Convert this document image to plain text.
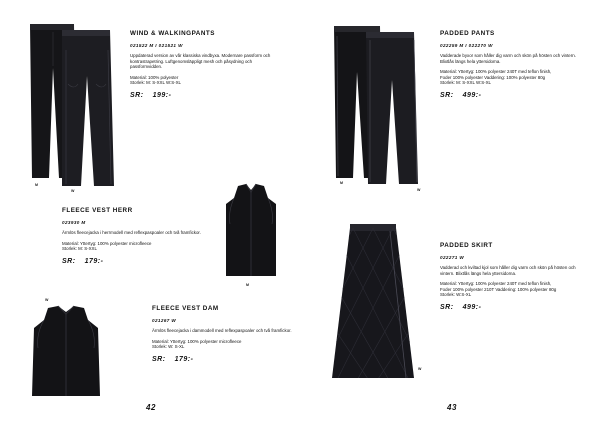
M
W
WIND & WALKINGPANTS
021522 M I 021521 W

Uppdaterad version av vår klassiska vindbyxa. Modernare passform och kontrastrapetring. Luftgenomsläppligt mesh och påsydning och passformvidden.

Material: 100% polyester

Storlek: M: S-XXL W:S-XL

SR: 199:-
FLEECE VEST HERR
023930 M

Ärmlös fleecejacka i herrmodell med reflexpaspoaler och två framfickor.

Material: Yttertyg: 100% polyester microfleece

Storlek: M: S-XXL

SR: 179:-
M
W
FLEECE VEST DAM
021267 W

Ärmlös fleecejacka i dammodell med reflexpaspoaler och två framfickor.

Material: Yttertyg: 100% polyester microfleece

Storlek: W: S-XL

SR: 179:-
42
M
W
PADDED PANTS
022259 M I 022270 W

Vadderade byxor som håller dig varm och skön på hösten och vintern. Blixtlås längs hela yttersidorna.

Material: Yttertyg: 100% polyester 240T med teflon finish,

Foder 100% polyester Vaddering: 100% polyester 80g

Storlek: M: S-XXL W:S-XL

SR: 499:-
W
PADDED SKIRT
022271 W

Vadderad och kviltad kjol som håller dig varm och skön på hösten och vintern. Blixtlås längs hela yttersidorna.

Material: Yttertyg: 100% polyester 240T med teflon finish,

Foder 100% polyester 210T Vaddering: 100% polyester 80g

Storlek: W:S-XL

SR: 499:-
43
